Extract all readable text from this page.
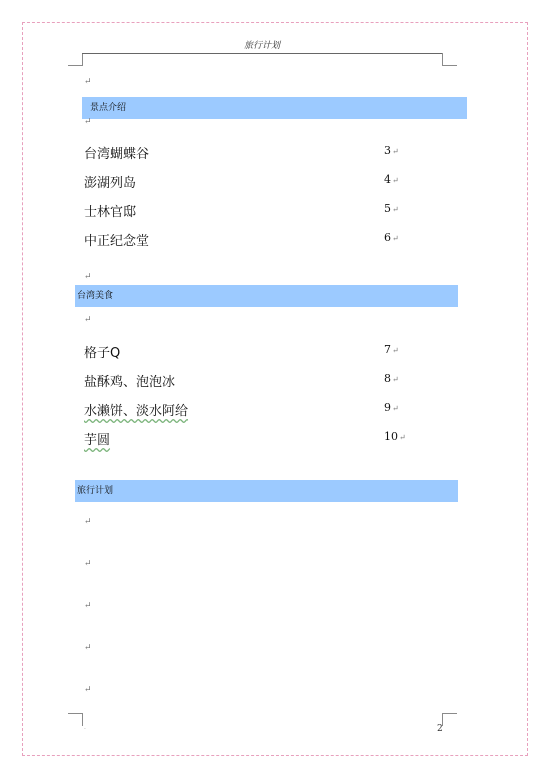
旅行计划
↵
景点介绍
↵
台湾蝴蝶谷	3↵
澎湖列岛	4↵
士林官邸	5↵
中正纪念堂	6↵
↵
台湾美食
↵
格子Q	7↵
盐酥鸡、泡泡冰	8↵
水濑饼、淡水阿给	9↵
芋圆	10↵
旅行计划
↵
↵
↵
↵
↵
·	2
